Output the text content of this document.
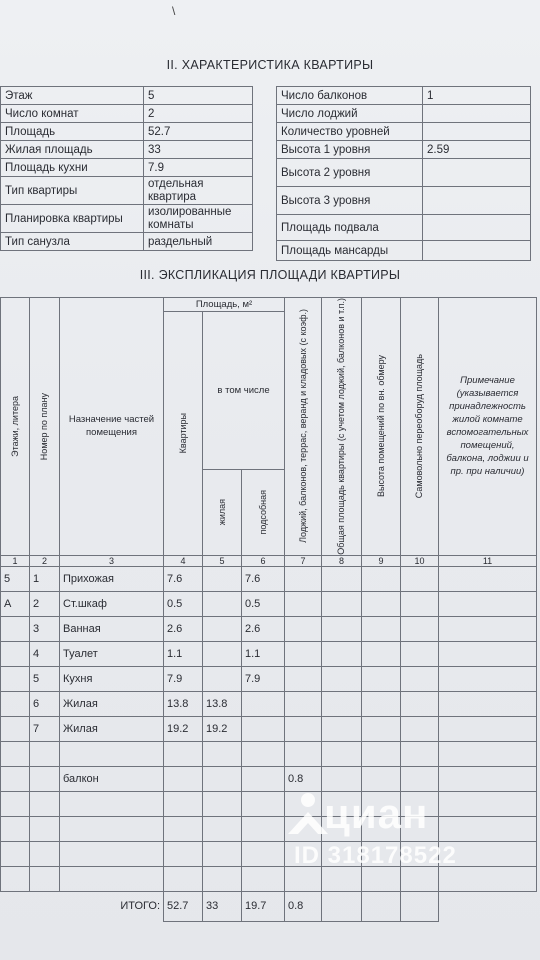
\
II. ХАРАКТЕРИСТИКА КВАРТИРЫ
Этаж	5
Число комнат	2
Площадь	52.7
Жилая площадь	33
Площадь кухни	7.9
Тип квартиры	отдельная квартира
Планировка квартиры	изолированные комнаты
Тип санузла	раздельный
Число балконов	1
Число лоджий	
Количество уровней	
Высота 1 уровня	2.59
Высота 2 уровня	
Высота 3 уровня	
Площадь подвала	
Площадь мансарды	
III. ЭКСПЛИКАЦИЯ ПЛОЩАДИ КВАРТИРЫ
Этажи, литера	Номер по плану	Назначение частей помещения	Площадь, м²			Лоджий, балконов, террас, веранд и кладовых (с коэф.)	Общая площадь квартиры (с учетом лоджий, балконов и т.п.)	Высота помещений по вн. обмеру	Самовольно переоборуд площадь	Примечание (указывается принадлежность жилой комнате вспомогательных помещений, балкона, лоджии и пр. при наличии)

			Квартиры	в том числе						

				жилая	подсобная					

1	2	3	4	5	6	7	8	9	10	11
5	1	Прихожая	7.6		7.6					
А	2	Ст.шкаф	0.5		0.5					
	3	Ванная	2.6		2.6					
	4	Туалет	1.1		1.1					
	5	Кухня	7.9		7.9					
	6	Жилая	13.8	13.8						
	7	Жилая	19.2	19.2						

		балкон				0.8				

		ИТОГО:	52.7	33	19.7	0.8				
циан
ID 318178522
